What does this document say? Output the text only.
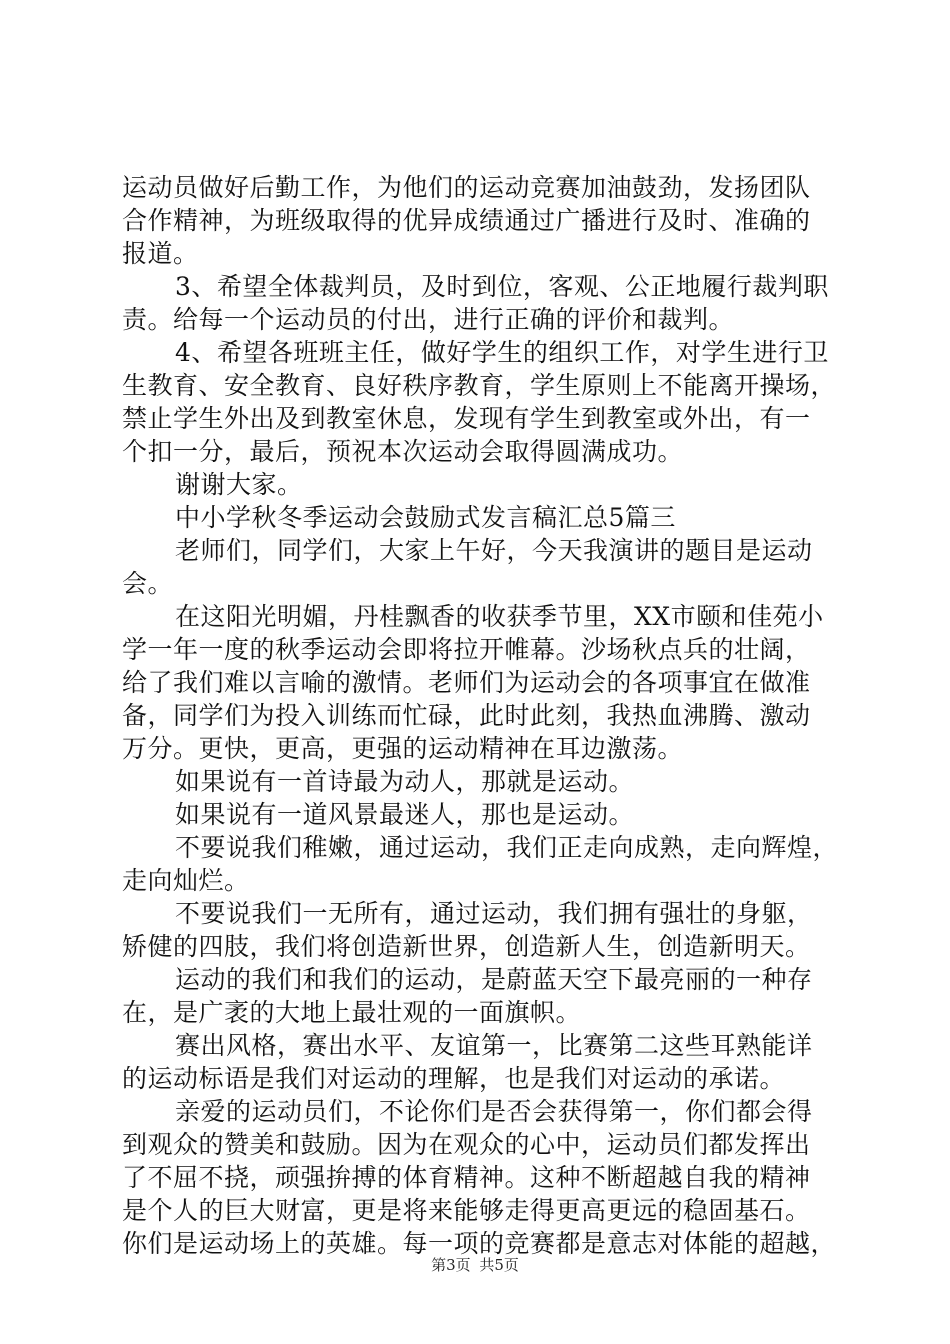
运动员做好后勤工作，为他们的运动竞赛加油鼓劲，发扬团队
合作精神，为班级取得的优异成绩通过广播进行及时、准确的
报道。
3、希望全体裁判员，及时到位，客观、公正地履行裁判职
责。给每一个运动员的付出，进行正确的评价和裁判。
4、希望各班班主任，做好学生的组织工作，对学生进行卫
生教育、安全教育、良好秩序教育，学生原则上不能离开操场，
禁止学生外出及到教室休息，发现有学生到教室或外出，有一
个扣一分，最后，预祝本次运动会取得圆满成功。
谢谢大家。
中小学秋冬季运动会鼓励式发言稿汇总5篇三
老师们，同学们，大家上午好，今天我演讲的题目是运动
会。
在这阳光明媚，丹桂飘香的收获季节里，XX市颐和佳苑小
学一年一度的秋季运动会即将拉开帷幕。沙场秋点兵的壮阔，
给了我们难以言喻的激情。老师们为运动会的各项事宜在做准
备，同学们为投入训练而忙碌，此时此刻，我热血沸腾、激动
万分。更快，更高，更强的运动精神在耳边激荡。
如果说有一首诗最为动人，那就是运动。
如果说有一道风景最迷人，那也是运动。
不要说我们稚嫩，通过运动，我们正走向成熟，走向辉煌，
走向灿烂。
不要说我们一无所有，通过运动，我们拥有强壮的身躯，
矫健的四肢，我们将创造新世界，创造新人生，创造新明天。
运动的我们和我们的运动，是蔚蓝天空下最亮丽的一种存
在，是广袤的大地上最壮观的一面旗帜。
赛出风格，赛出水平、友谊第一，比赛第二这些耳熟能详
的运动标语是我们对运动的理解，也是我们对运动的承诺。
亲爱的运动员们，不论你们是否会获得第一，你们都会得
到观众的赞美和鼓励。因为在观众的心中，运动员们都发挥出
了不屈不挠，顽强拚搏的体育精神。这种不断超越自我的精神
是个人的巨大财富，更是将来能够走得更高更远的稳固基石。
你们是运动场上的英雄。每一项的竞赛都是意志对体能的超越，
第3页 共5页
